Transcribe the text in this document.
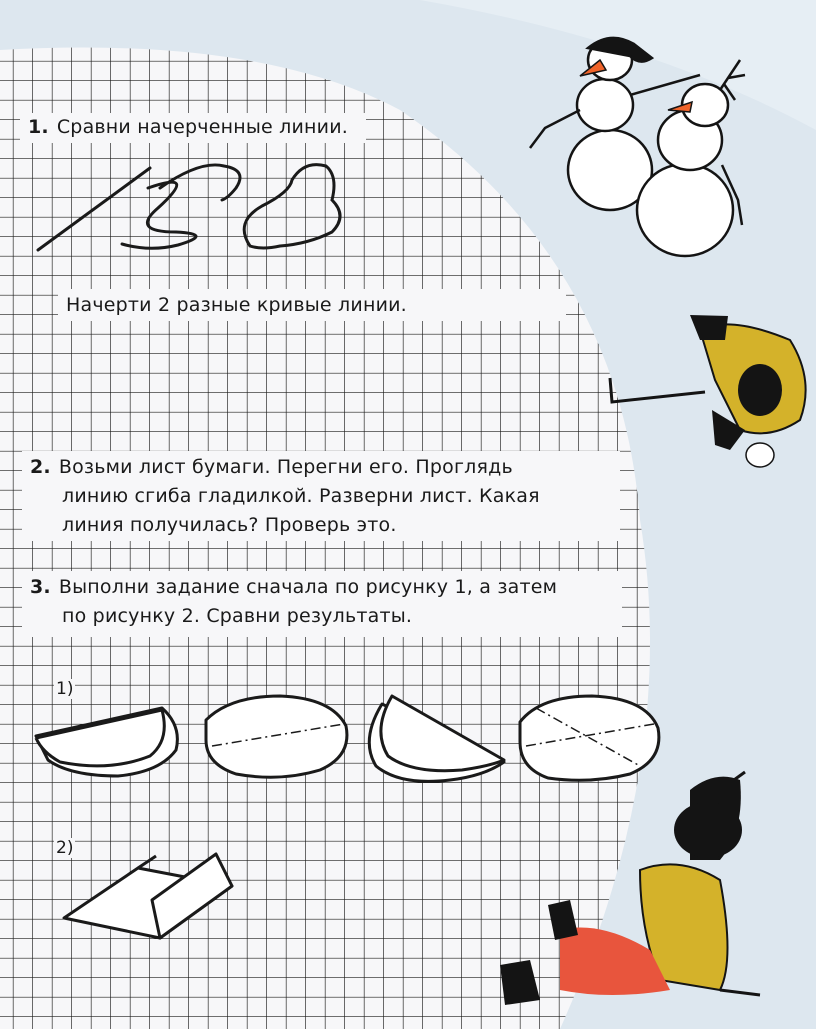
1. Сравни начерченные линии.
Начерти 2 разные кривые линии.
2. Возьми лист бумаги. Перегни его. Проглядь
линию сгиба гладилкой. Разверни лист. Какая
линия получилась? Проверь это.
3. Выполни задание сначала по рисунку 1, а затем
по рисунку 2. Сравни результаты.
1)
2)
